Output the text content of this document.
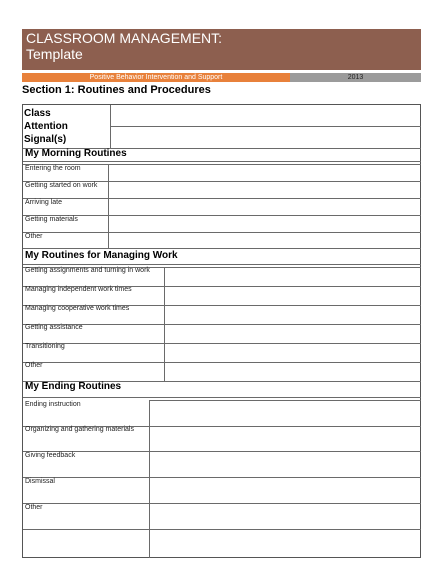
CLASSROOM MANAGEMENT:
Template
Positive Behavior Intervention and Support	2013
Section 1: Routines and Procedures
Class
Attention
Signal(s)
My Morning Routines
My Routines for Managing Work
My Ending Routines
Entering the room
Getting started on work
Arriving late
Getting materials
Other
Getting assignments and turning in work
Managing independent work times
Managing cooperative work times
Getting assistance
Transitioning
Other
Ending instruction
Organizing and gathering materials
Giving feedback
Dismissal
Other
